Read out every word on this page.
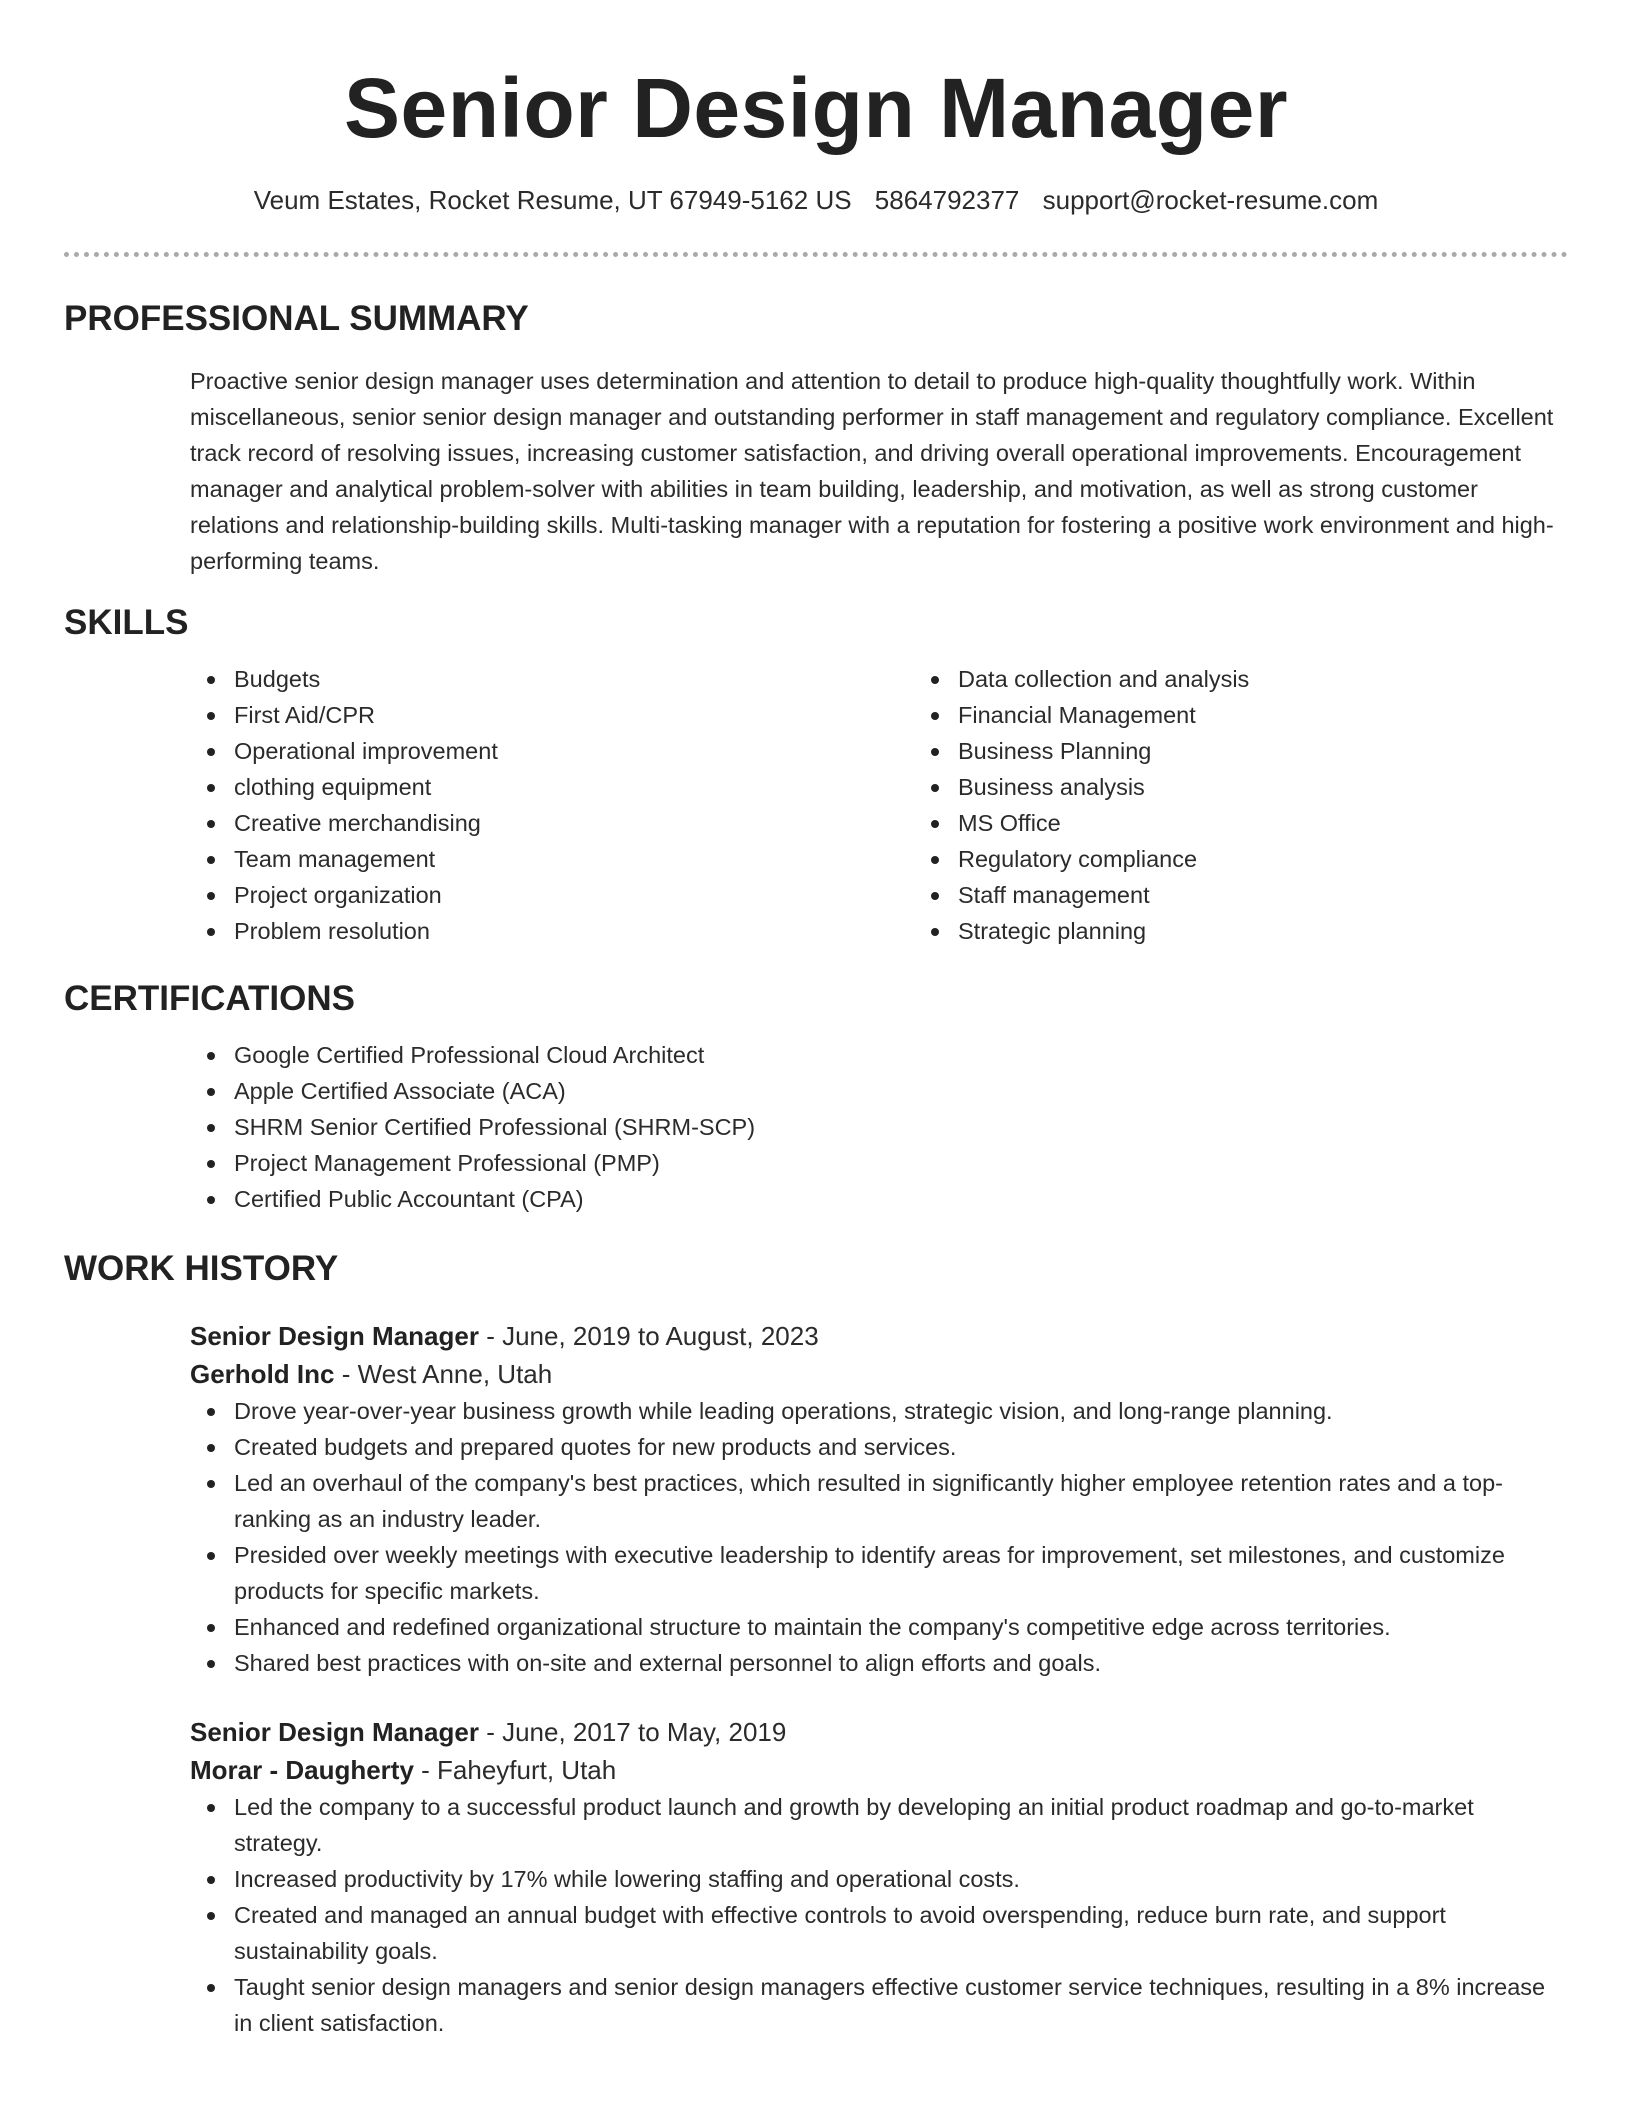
Senior Design Manager
Veum Estates, Rocket Resume, UT 67949-5162 US 5864792377 support@rocket-resume.com
PROFESSIONAL SUMMARY

Proactive senior design manager uses determination and attention to detail to produce high-quality thoughtfully work. Within miscellaneous, senior senior design manager and outstanding performer in staff management and regulatory compliance. Excellent track record of resolving issues, increasing customer satisfaction, and driving overall operational improvements. Encouragement manager and analytical problem-solver with abilities in team building, leadership, and motivation, as well as strong customer relations and relationship-building skills. Multi-tasking manager with a reputation for fostering a positive work environment and high-performing teams.

SKILLS
Budgets
First Aid/CPR
Operational improvement
clothing equipment
Creative merchandising
Team management
Project organization
Problem resolution
Data collection and analysis
Financial Management
Business Planning
Business analysis
MS Office
Regulatory compliance
Staff management
Strategic planning
CERTIFICATIONS
Google Certified Professional Cloud Architect
Apple Certified Associate (ACA)
SHRM Senior Certified Professional (SHRM-SCP)
Project Management Professional (PMP)
Certified Public Accountant (CPA)
WORK HISTORY
Senior Design Manager - June, 2019 to August, 2023
Gerhold Inc - West Anne, Utah
Drove year-over-year business growth while leading operations, strategic vision, and long-range planning.
Created budgets and prepared quotes for new products and services.
Led an overhaul of the company's best practices, which resulted in significantly higher employee retention rates and a top-ranking as an industry leader.
Presided over weekly meetings with executive leadership to identify areas for improvement, set milestones, and customize products for specific markets.
Enhanced and redefined organizational structure to maintain the company's competitive edge across territories.
Shared best practices with on-site and external personnel to align efforts and goals.
Senior Design Manager - June, 2017 to May, 2019
Morar - Daugherty - Faheyfurt, Utah
Led the company to a successful product launch and growth by developing an initial product roadmap and go-to-market strategy.
Increased productivity by 17% while lowering staffing and operational costs.
Created and managed an annual budget with effective controls to avoid overspending, reduce burn rate, and support sustainability goals.
Taught senior design managers and senior design managers effective customer service techniques, resulting in a 8% increase in client satisfaction.
